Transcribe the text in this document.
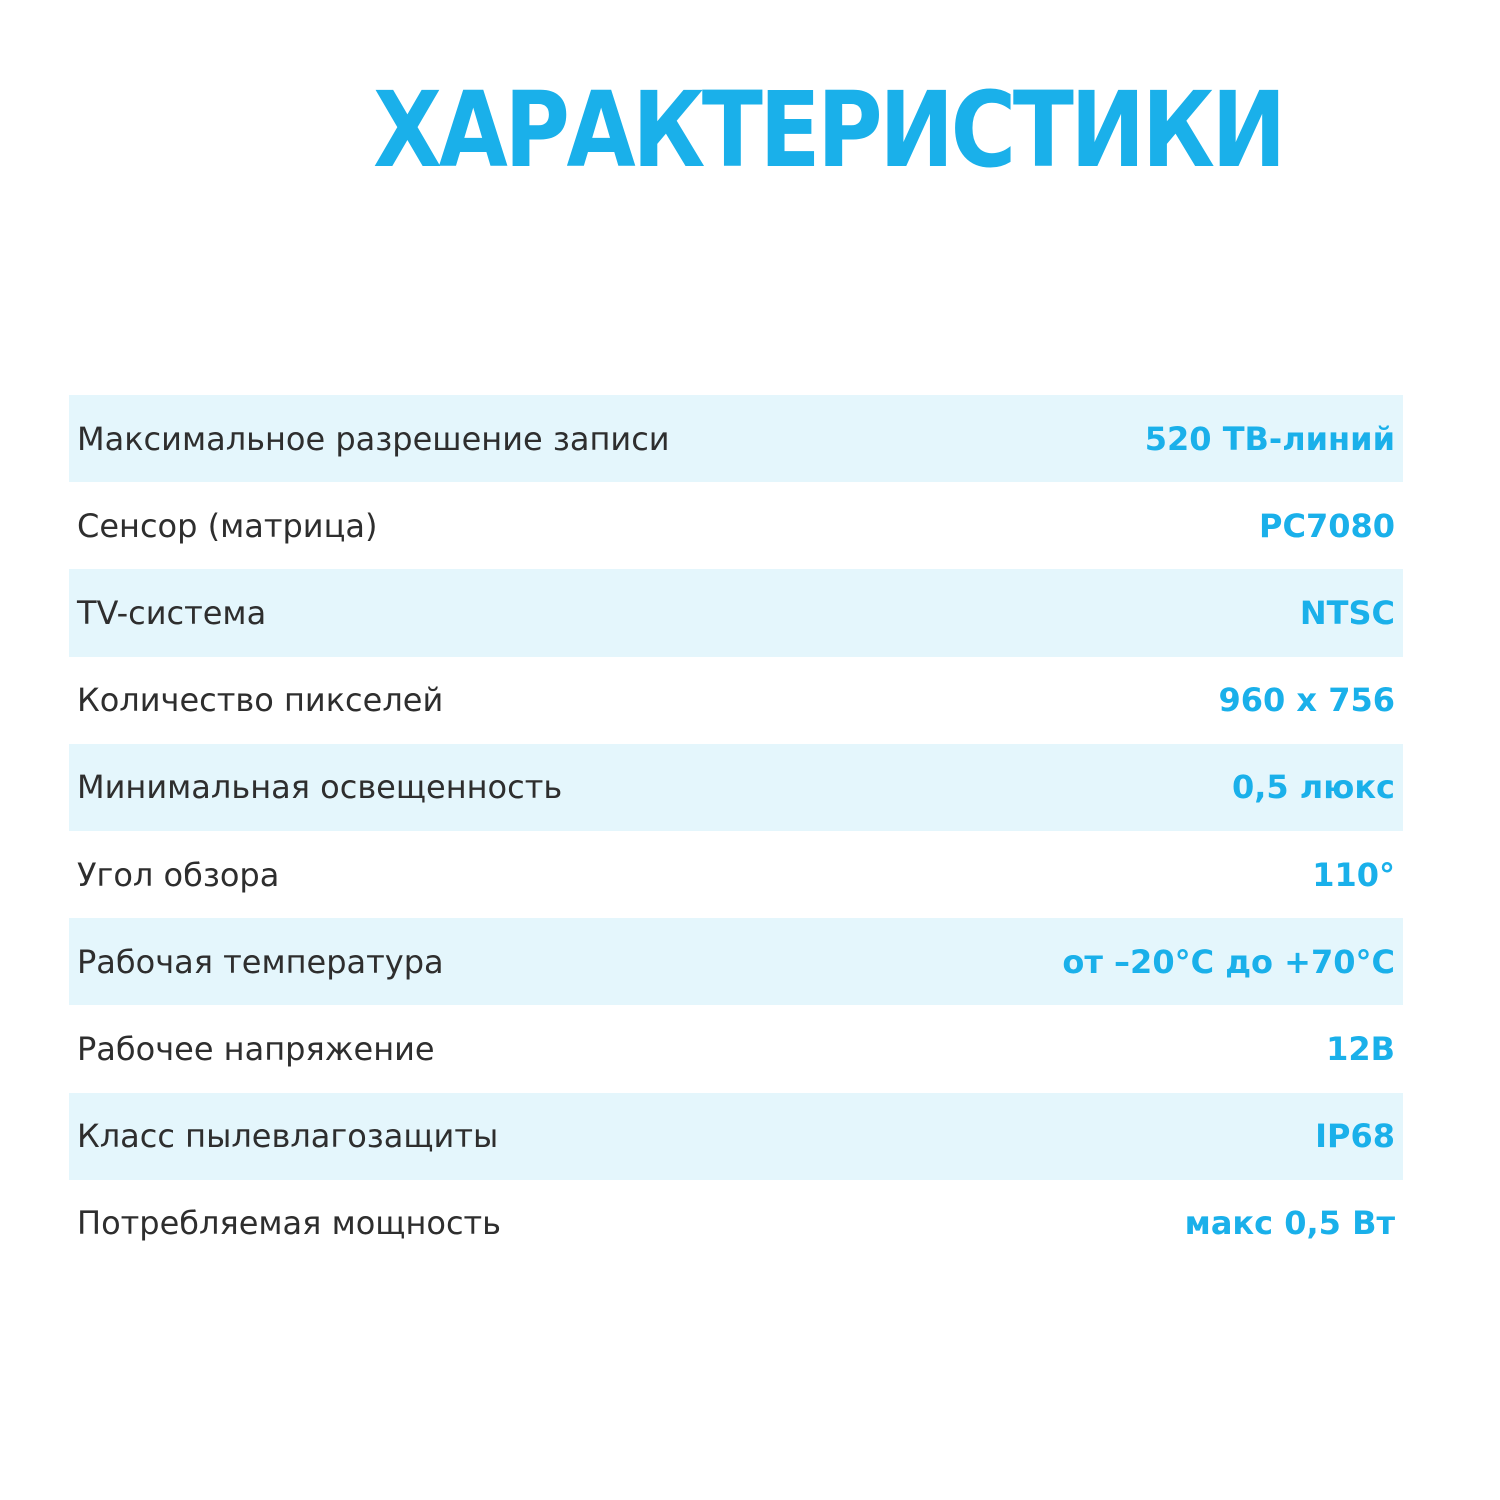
ХАРАКТЕРИСТИКИ
Максимальное разрешение записи	520 ТВ-линий
Сенсор (матрица)	PC7080
TV-система	NTSC
Количество пикселей	960 x 756
Минимальная освещенность	0,5 люкс
Угол обзора	110°
Рабочая температура	от –20°C до +70°C
Рабочее напряжение	12В
Класс пылевлагозащиты	IP68
Потребляемая мощность	макс 0,5 Вт
